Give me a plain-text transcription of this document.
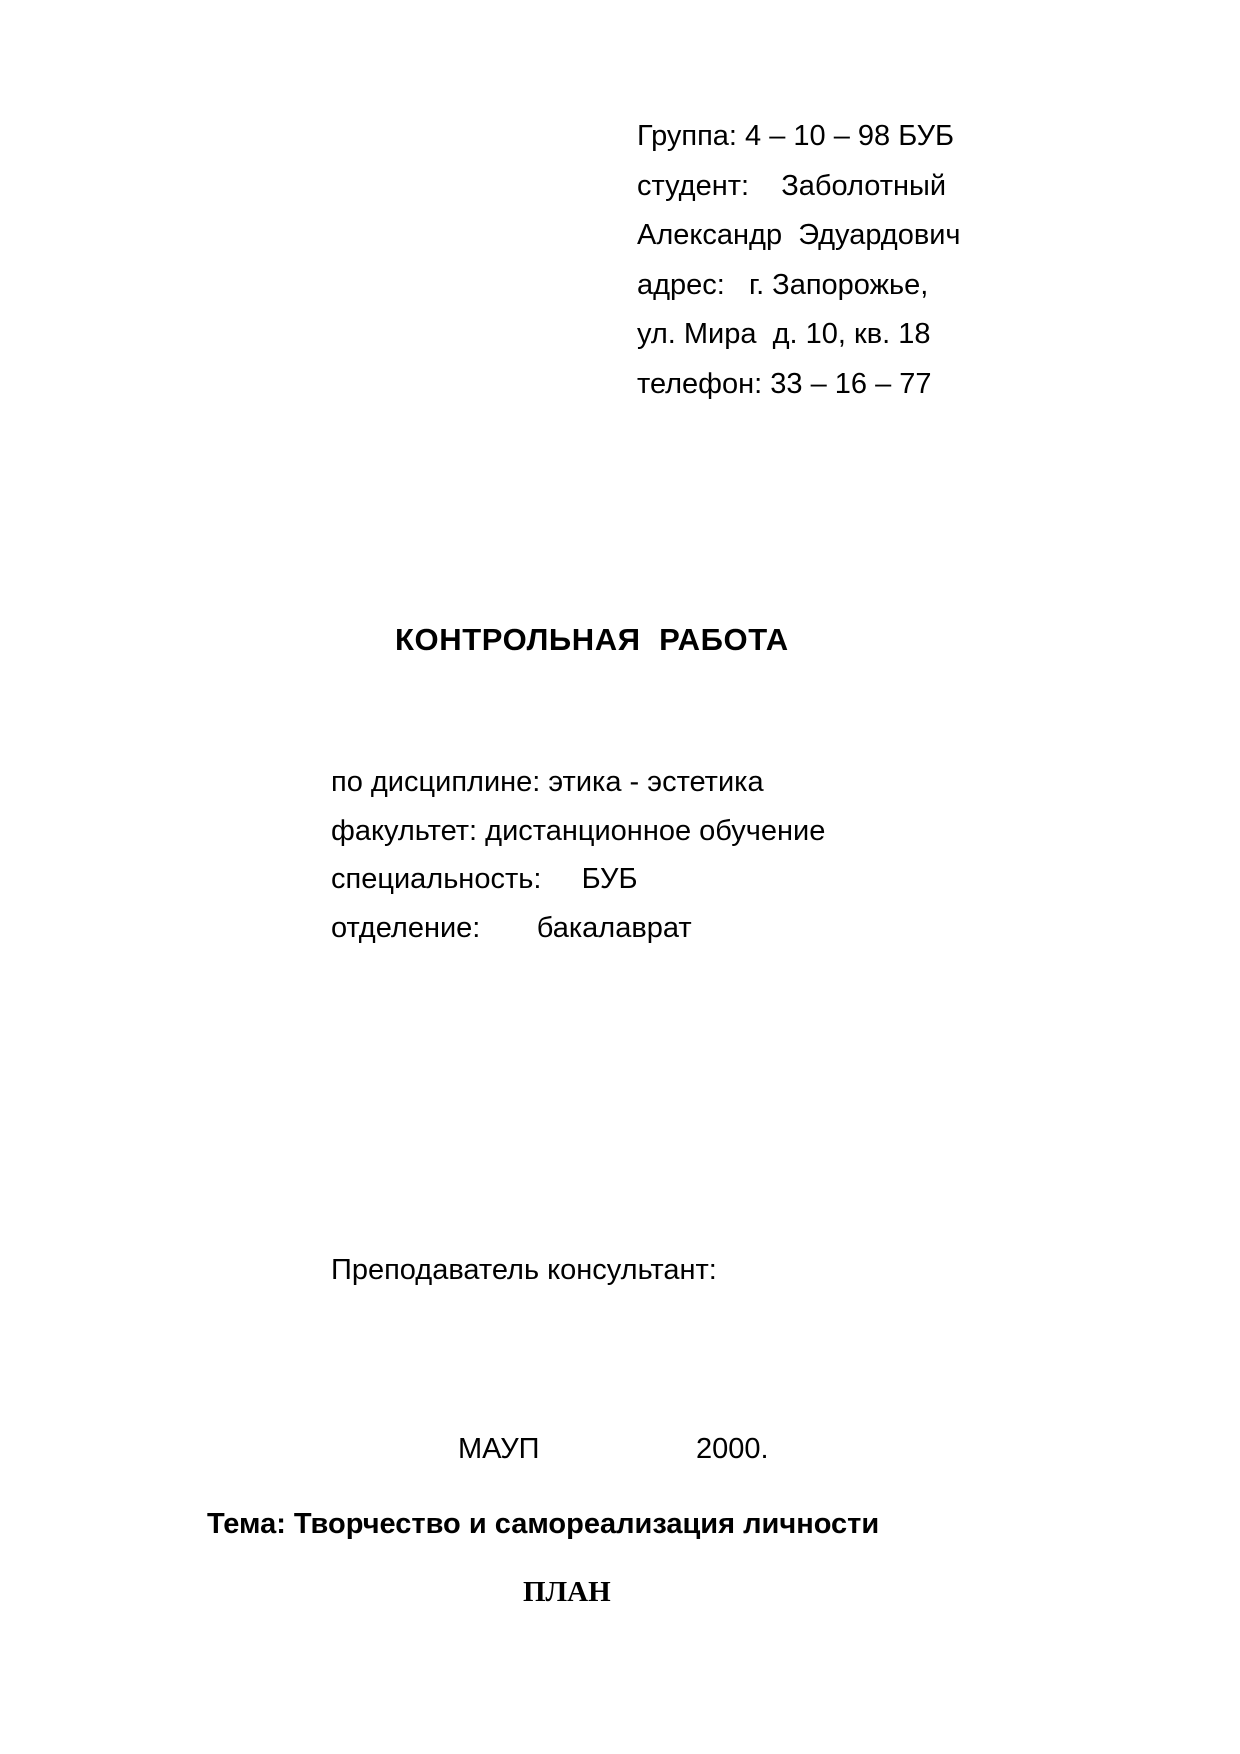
Группа: 4 – 10 – 98 БУБ
студент:    Заболотный
Александр  Эдуардович
адрес:   г. Запорожье,
ул. Мира  д. 10, кв. 18
телефон: 33 – 16 – 77
КОНТРОЛЬНАЯ  РАБОТА
по дисциплине: этика - эстетика
факультет: дистанционное обучение
специальность:     БУБ
отделение:       бакалаврат
Преподаватель консультант:
МАУП	2000.
Тема: Творчество и самореализация личности
ПЛАН
